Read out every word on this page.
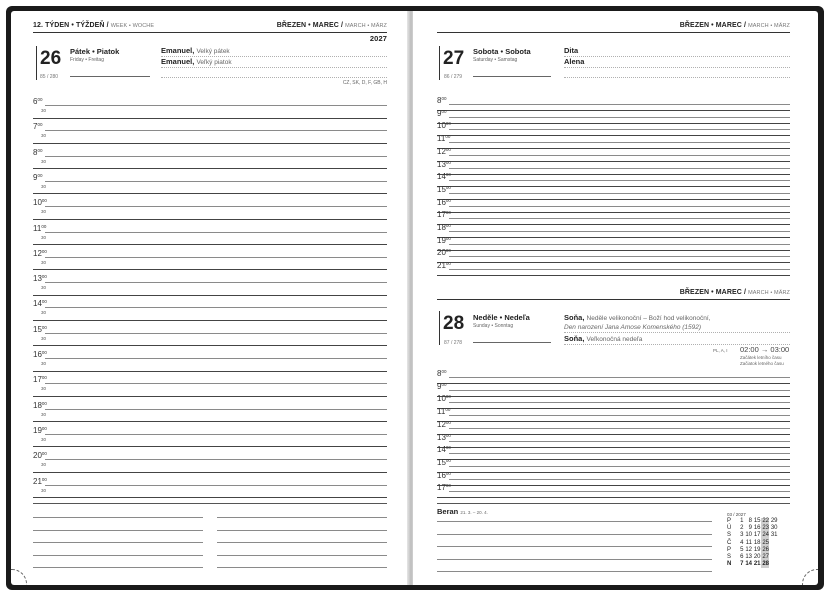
12. TÝDEN • TÝŽDEŇ / WEEK • WOCHE	BŘEZEN • MAREC / MARCH • MÄRZ
2027
26 Pátek • Piatok
Friday • Freitag
85 / 280
Emanuel, Velký pátek
Emanuel, Veľký piatok
CZ, SK, D, F, GB, H
$6^{00}$
30
$7^{00}$
30
$8^{00}$
30
$9^{00}$
30
$10^{00}$
30
$11^{00}$
30
$12^{00}$
30
$13^{00}$
30
$14^{00}$
30
$15^{00}$
30
$16^{00}$
30
$17^{00}$
30
$18^{00}$
30
$19^{00}$
30
$20^{00}$
30
$21^{00}$
30
BŘEZEN • MAREC / MARCH • MÄRZ
27 Sobota • Sobota
Saturday • Samstag
86 / 279
Dita
Alena
$8^{00}$
$9^{00}$
$10^{00}$
$11^{00}$
$12^{00}$
$13^{00}$
$14^{00}$
$15^{00}$
$16^{00}$
$17^{00}$
$18^{00}$
$19^{00}$
$20^{00}$
$21^{00}$
BŘEZEN • MAREC / MARCH • MÄRZ
28 Neděle • Nedeľa
Sunday • Sonntag
87 / 278
Soňa, Neděle velikonoční – Boží hod velikonoční,
Den narození Jana Amose Komenského (1592)
Soňa, Veľkonočná nedeľa
PL, A, I 02:00 → 03:00
Začátek letního času
Začiatok letného času
$8^{00}$
$9^{00}$
$10^{00}$
$11^{00}$
$12^{00}$
$13^{00}$
$14^{00}$
$15^{00}$
$16^{00}$
$17^{00}$
Beran 21. 3. – 20. 4.	03 / 2027
P	1 8 15 22 29
Ú	2 9 16 23 30
S	3 10 17 24 31
Č	4 11 18 25
P	5 12 19 26
S	6 13 20 27
N	7 14 21 28
